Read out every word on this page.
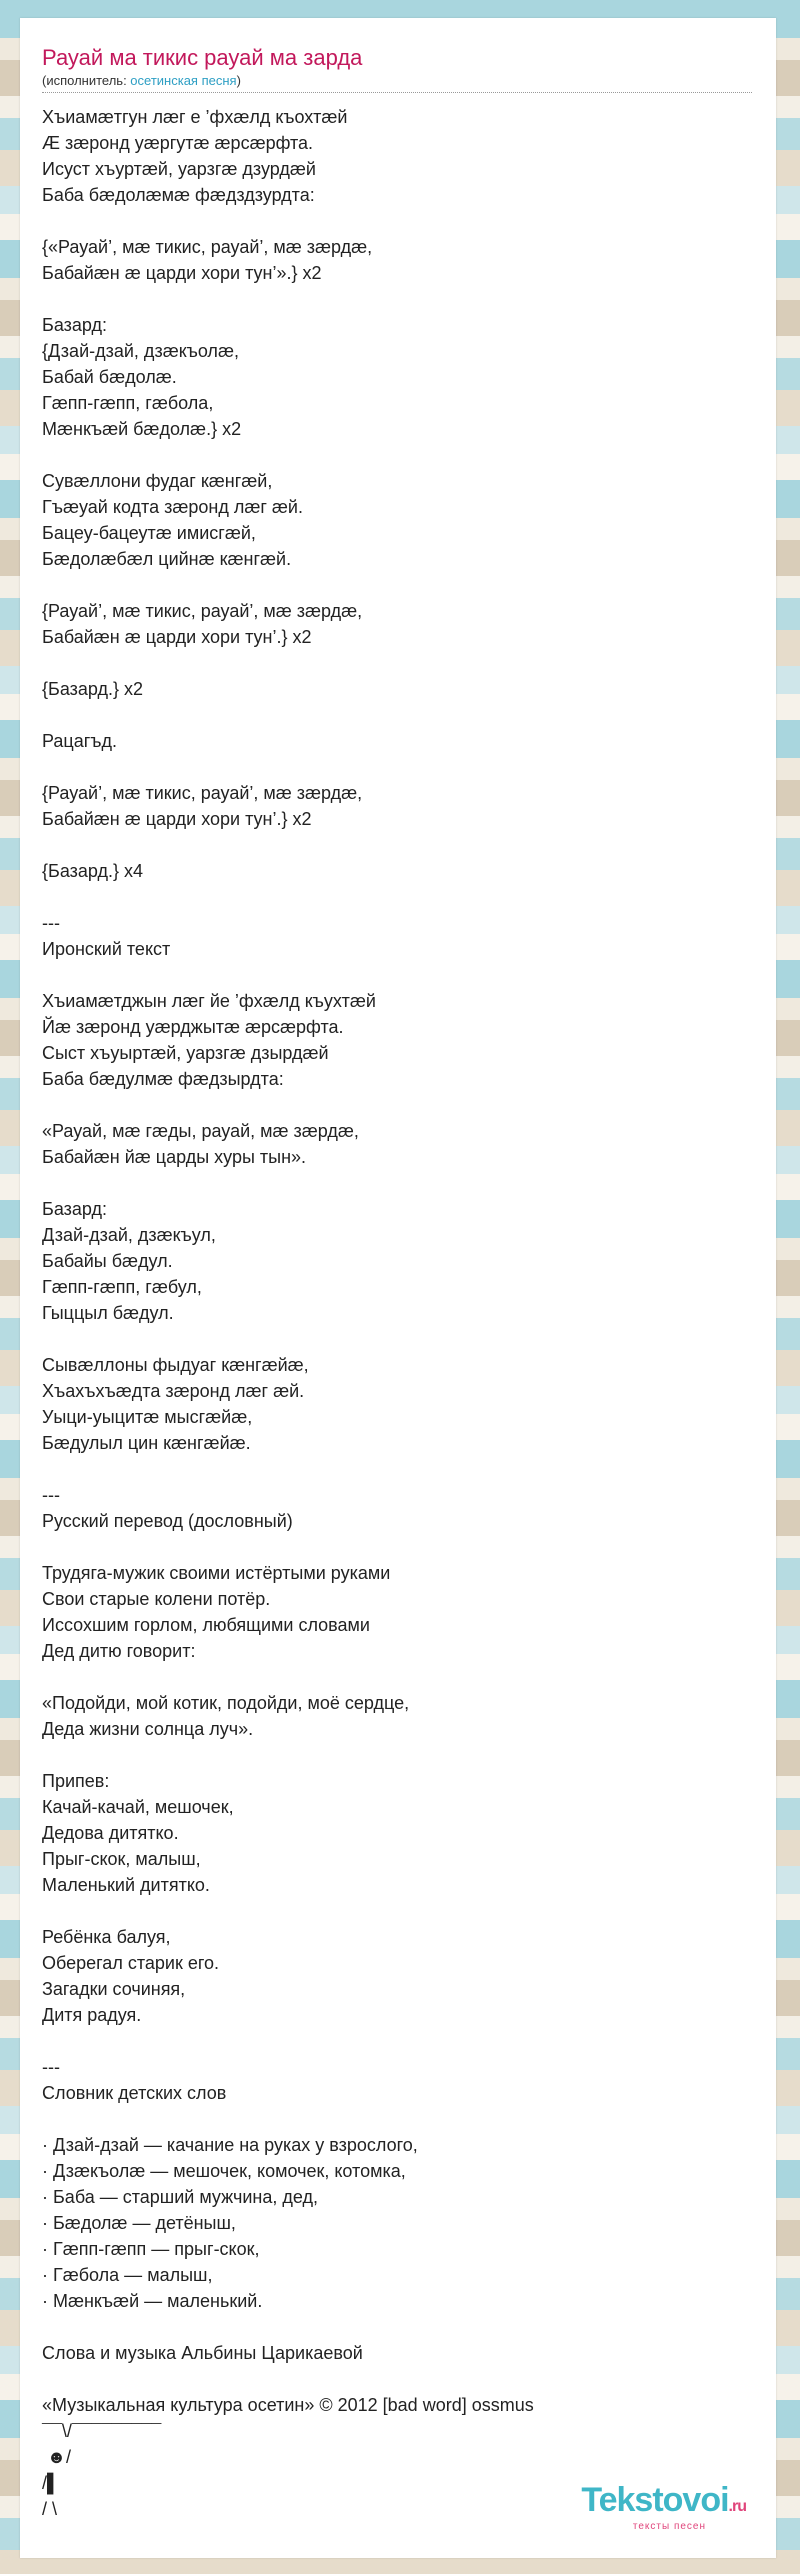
Рауай ма тикис рауай ма зарда
(исполнитель: осетинская песня)
Хъиамæтгун лæг е ’фхæлд къохтæй
Æ зæронд уæргутæ æрсæрфта.
Исуст хъуртæй, уарзгæ дзурдæй
Баба бæдолæмæ фæдздзурдта:

{«Рауай’, мæ тикис, рауай’, мæ зæрдæ,
Бабайæн æ царди хори тун’».} x2

Базард:
{Дзай-дзай, дзæкъолæ,
Бабай бæдолæ.
Гæпп-гæпп, гæбола,
Мæнкъæй бæдолæ.} x2

Сувæллони фудаг кæнгæй,
Гъæуай кодта зæронд лæг æй.
Бацеу-бацеутæ имисгæй,
Бæдолæбæл цийнæ кæнгæй.

{Рауай’, мæ тикис, рауай’, мæ зæрдæ,
Бабайæн æ царди хори тун’.} x2

{Базард.} x2

Рацагъд.

{Рауай’, мæ тикис, рауай’, мæ зæрдæ,
Бабайæн æ царди хори тун’.} x2

{Базард.} x4

---
Иронский текст

Хъиамæтджын лæг йе ’фхæлд къухтæй
Йæ зæронд уæрджытæ æрсæрфта.
Сыст хъуыртæй, уарзгæ дзырдæй
Баба бæдулмæ фæдзырдта:

«Рауай, мæ гæды, рауай, мæ зæрдæ,
Бабайæн йæ царды хуры тын».

Базард:
Дзай-дзай, дзæкъул,
Бабайы бæдул.
Гæпп-гæпп, гæбул,
Гыццыл бæдул.

Сывæллоны фыдуаг кæнгæйæ,
Хъахъхъæдта зæронд лæг æй.
Уыци-уыцитæ мысгæйæ,
Бæдулыл цин кæнгæйæ.

---
Русский перевод (дословный)

Трудяга-мужик своими истёртыми руками
Свои старые колени потёр.
Иссохшим горлом, любящими словами
Дед дитю говорит:

«Подойди, мой котик, подойди, моё сердце,
Деда жизни солнца луч».

Припев:
Качай-качай, мешочек,
Дедова дитятко.
Прыг-скок, малыш,
Маленький дитятко.

Ребёнка балуя,
Оберегал старик его.
Загадки сочиняя,
Дитя радуя.

---
Словник детских слов

· Дзай-дзай — качание на руках у взрослого,
· Дзæкъолæ — мешочек, комочек, котомка,
· Баба — старший мужчина, дед,
· Бæдолæ — детёныш,
· Гæпп-гæпп — прыг-скок,
· Гæбола — малыш,
· Мæнкъæй — маленький.

Слова и музыка Альбины Царикаевой

«Музыкальная культура осетин» © 2012 [bad word] ossmus
¯¯\/¯¯¯¯¯¯¯¯¯
☻/
/▌
/ \	Tekstovoi.ru
тексты песен
